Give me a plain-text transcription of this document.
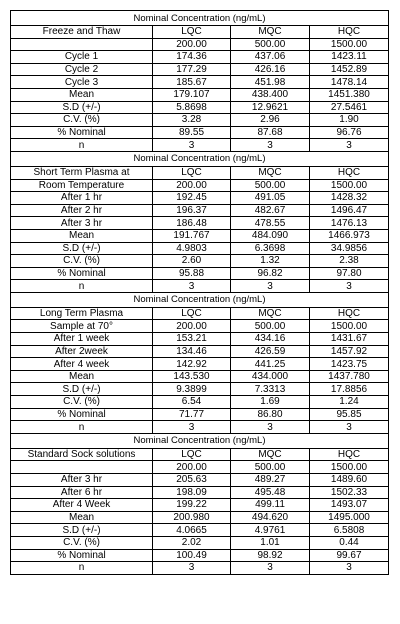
Nominal Concentration (ng/mL)			
Freeze and Thaw	LQC	MQC	HQC
	200.00	500.00	1500.00
Cycle 1	174.36	437.06	1423.11
Cycle 2	177.29	426.16	1452.89
Cycle 3	185.67	451.98	1478.14
Mean	179.107	438.400	1451.380
S.D (+/-)	5.8698	12.9621	27.5461
C.V. (%)	3.28	2.96	1.90
% Nominal	89.55	87.68	96.76
n	3	3	3
Nominal Concentration (ng/mL)			
Short Term Plasma at	LQC	MQC	HQC
Room Temperature	200.00	500.00	1500.00
After 1 hr	192.45	491.05	1428.32
After 2 hr	196.37	482.67	1496.47
After 3 hr	186.48	478.55	1476.13
Mean	191.767	484.090	1466.973
S.D (+/-)	4.9803	6.3698	34.9856
C.V. (%)	2.60	1.32	2.38
% Nominal	95.88	96.82	97.80
n	3	3	3
Nominal Concentration (ng/mL)			
Long Term Plasma	LQC	MQC	HQC
Sample at 70°	200.00	500.00	1500.00
After 1 week	153.21	434.16	1431.67
After 2week	134.46	426.59	1457.92
After 4 week	142.92	441.25	1423.75
Mean	143.530	434.000	1437.780
S.D (+/-)	9.3899	7.3313	17.8856
C.V. (%)	6.54	1.69	1.24
% Nominal	71.77	86.80	95.85
n	3	3	3
Nominal Concentration (ng/mL)			
Standard Sock solutions	LQC	MQC	HQC
	200.00	500.00	1500.00
After 3 hr	205.63	489.27	1489.60
After 6 hr	198.09	495.48	1502.33
After 4 Week	199.22	499.11	1493.07
Mean	200.980	494.620	1495.000
S.D (+/-)	4.0665	4.9761	6.5808
C.V. (%)	2.02	1.01	0.44
% Nominal	100.49	98.92	99.67
n	3	3	3
